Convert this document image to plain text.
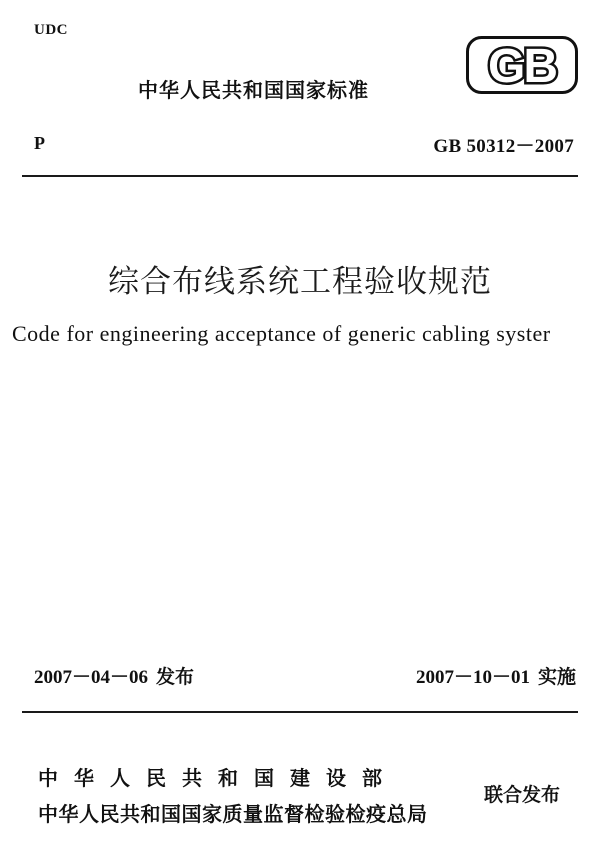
UDC
中华人民共和国国家标准 GB
P	GB 50312－2007
综合布线系统工程验收规范
Code for engineering acceptance of generic cabling syster
2007－04－06 发布	2007－10－01 实施
中华人民共和国建设部
中华人民共和国国家质量监督检验检疫总局
联合发布
